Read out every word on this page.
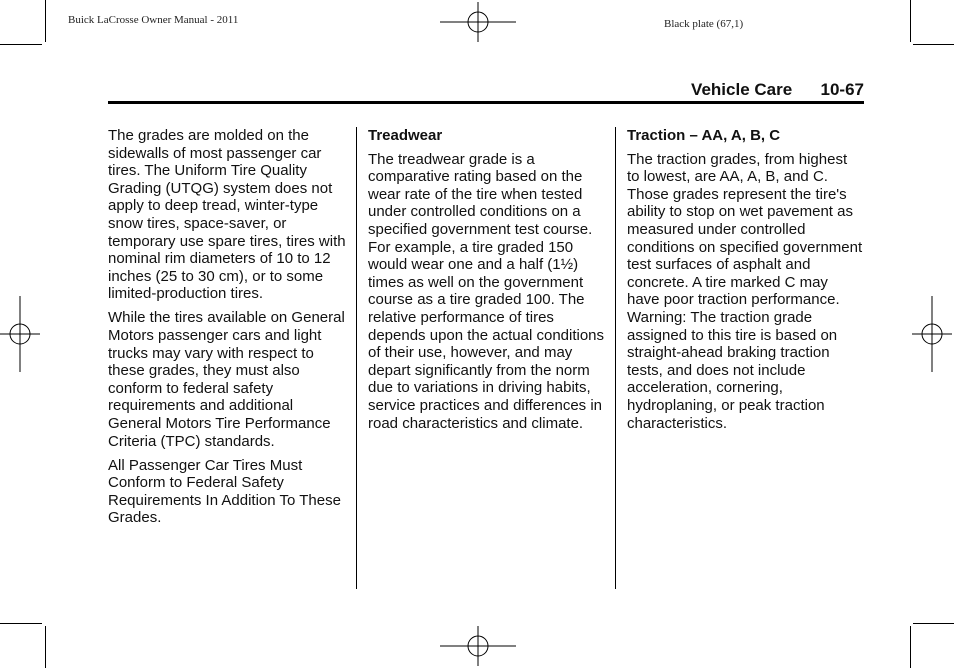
Buick LaCrosse Owner Manual - 2011	Black plate (67,1)
Vehicle Care      10-67

The grades are molded on the sidewalls of most passenger car tires. The Uniform Tire Quality Grading (UTQG) system does not apply to deep tread, winter-type snow tires, space-saver, or temporary use spare tires, tires with nominal rim diameters of 10 to 12 inches (25 to 30 cm), or to some limited-production tires.

While the tires available on General Motors passenger cars and light trucks may vary with respect to these grades, they must also conform to federal safety requirements and additional General Motors Tire Performance Criteria (TPC) standards.

All Passenger Car Tires Must Conform to Federal Safety Requirements In Addition To These Grades.

Treadwear

The treadwear grade is a comparative rating based on the wear rate of the tire when tested under controlled conditions on a specified government test course. For example, a tire graded 150 would wear one and a half (1½) times as well on the government course as a tire graded 100. The relative performance of tires depends upon the actual conditions of their use, however, and may depart significantly from the norm due to variations in driving habits, service practices and differences in road characteristics and climate.

Traction – AA, A, B, C

The traction grades, from highest to lowest, are AA, A, B, and C. Those grades represent the tire's ability to stop on wet pavement as measured under controlled conditions on specified government test surfaces of asphalt and concrete. A tire marked C may have poor traction performance. Warning: The traction grade assigned to this tire is based on straight-ahead braking traction tests, and does not include acceleration, cornering, hydroplaning, or peak traction characteristics.
